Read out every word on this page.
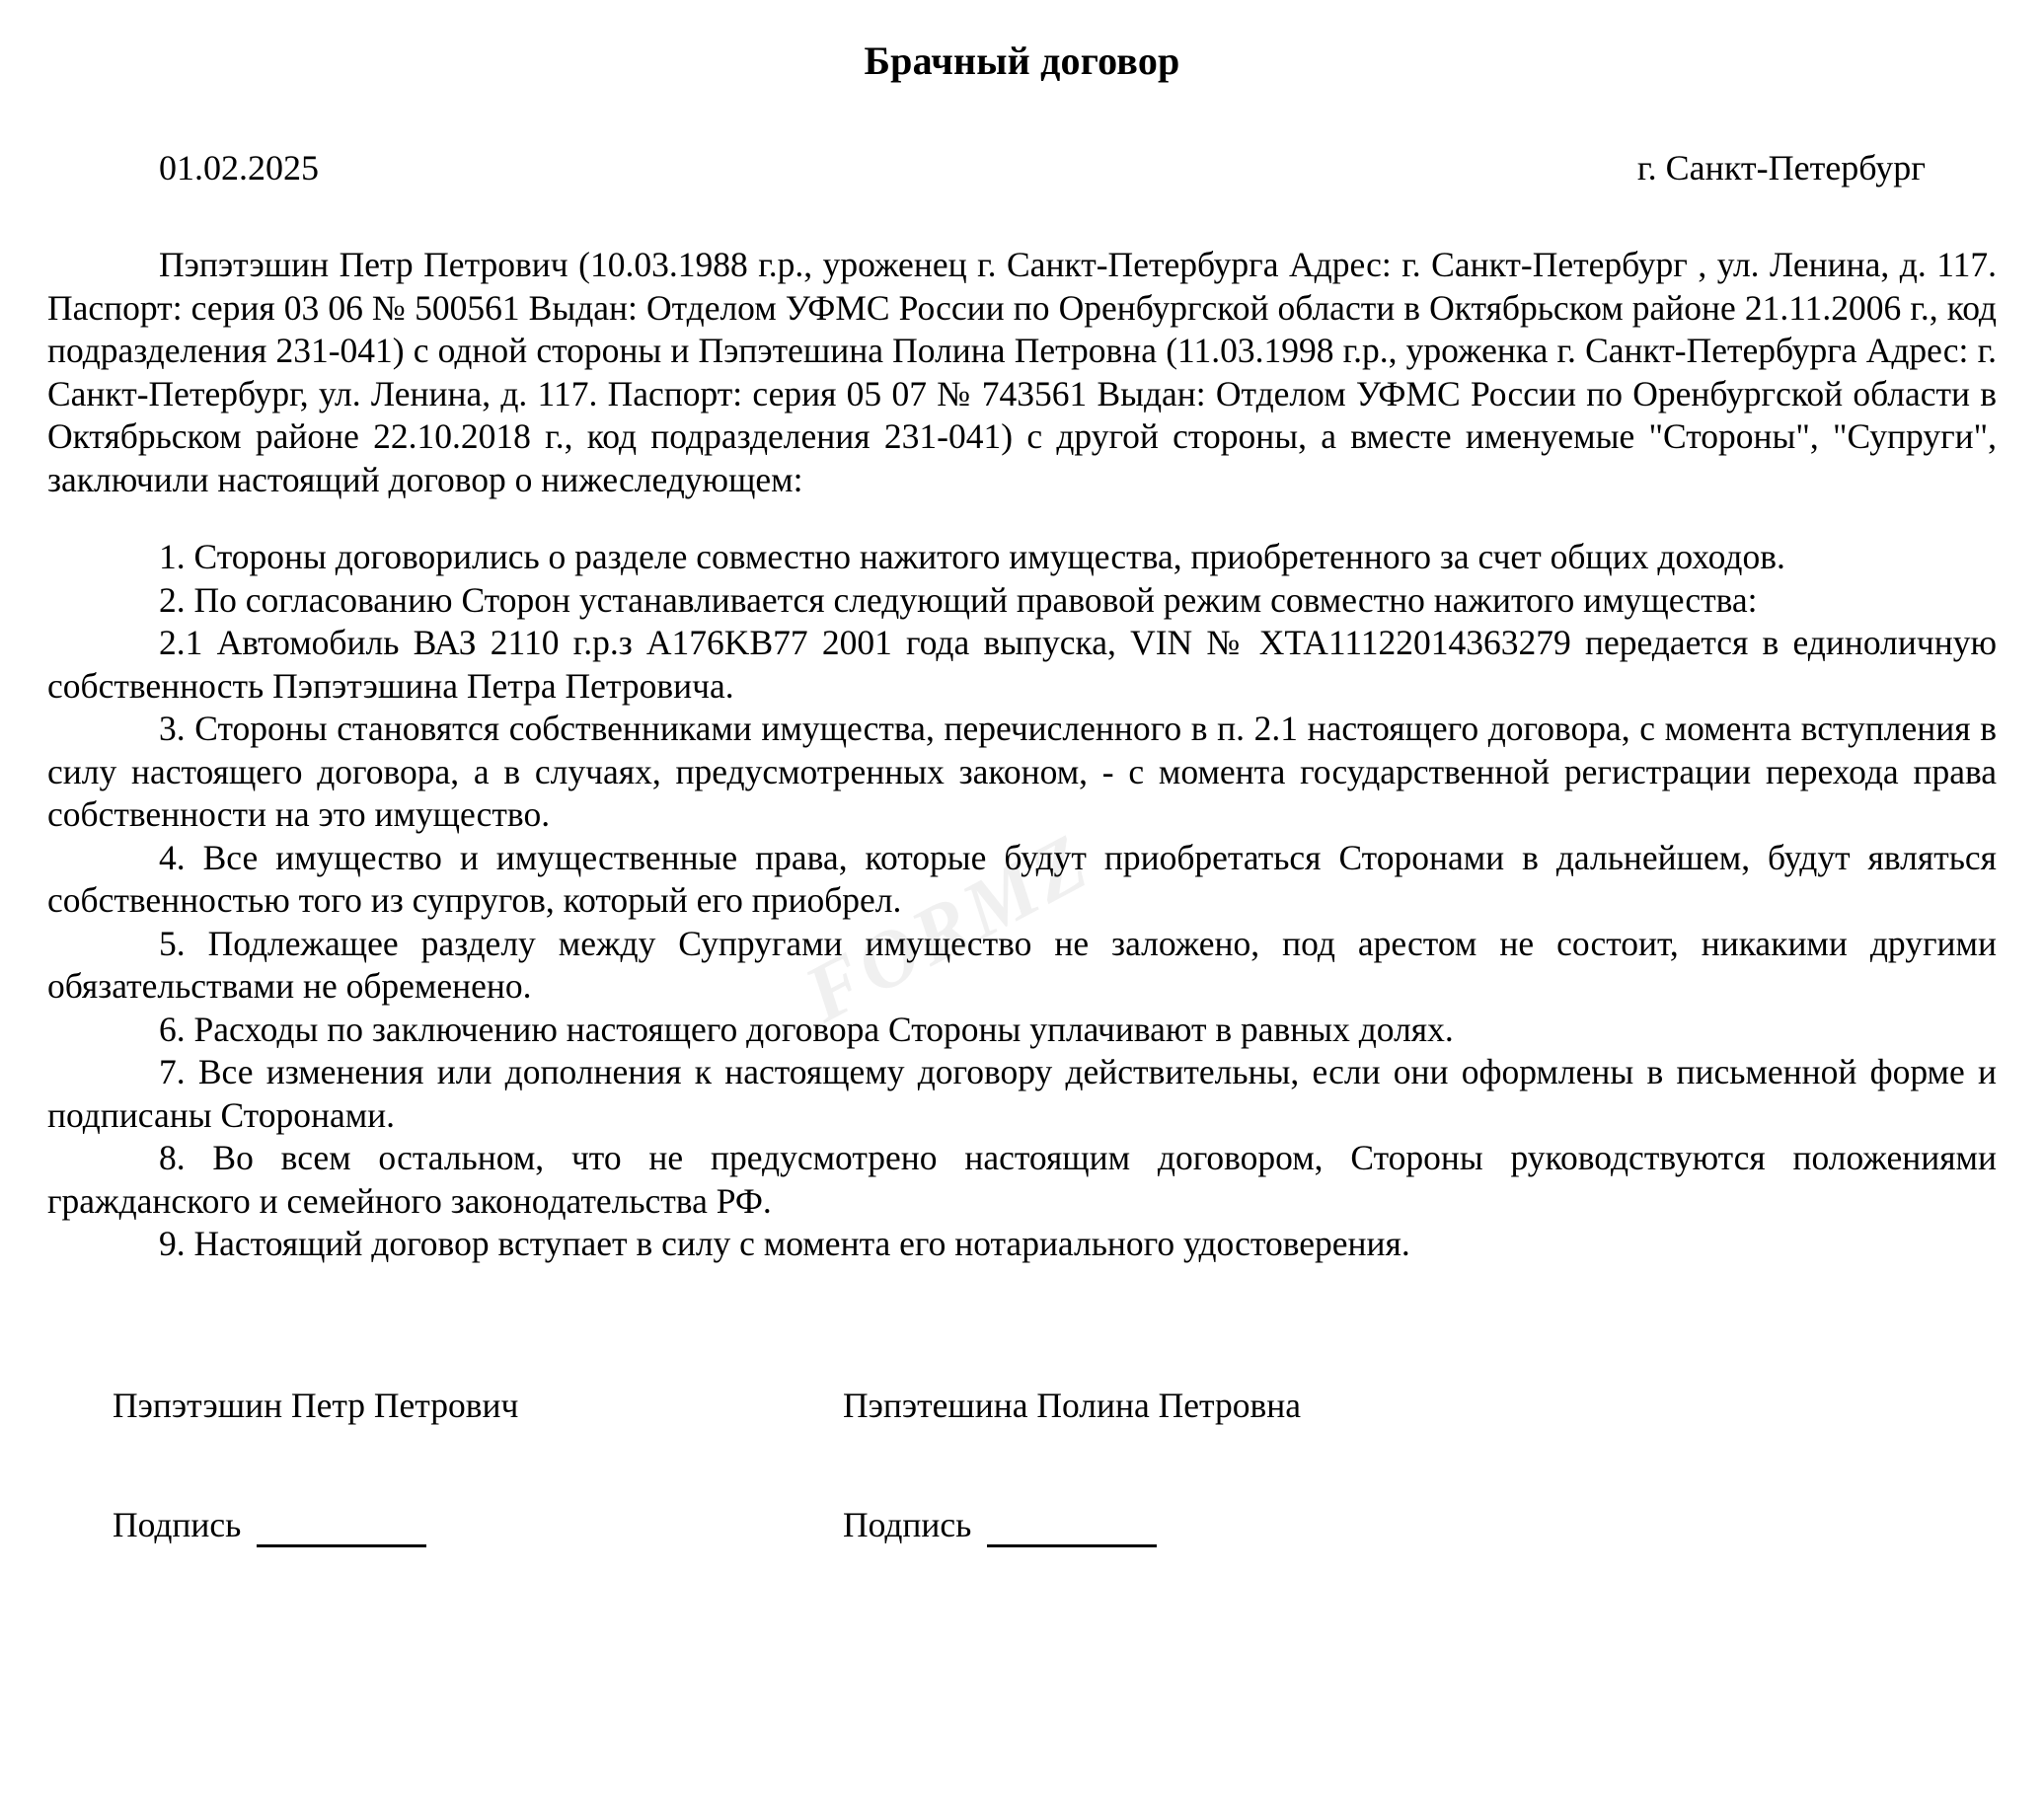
FORMZ
Брачный договор
01.02.2025	г. Санкт-Петербург

Пэпэтэшин Петр Петрович (10.03.1988 г.р., уроженец г. Санкт-Петербурга Адрес: г. Санкт-Петербург , ул. Ленина, д. 117. Паспорт: серия 03 06 № 500561 Выдан: Отделом УФМС России по Оренбургской области в Октябрьском районе 21.11.2006 г., код подразделения 231-041) с одной стороны и Пэпэтешина Полина Петровна (11.03.1998 г.р., уроженка г. Санкт-Петербурга Адрес: г. Санкт-Петербург, ул. Ленина, д. 117. Паспорт: серия 05 07 № 743561 Выдан: Отделом УФМС России по Оренбургской области в Октябрьском районе 22.10.2018 г., код подразделения 231-041) с другой стороны, а вместе именуемые "Стороны", "Супруги", заключили настоящий договор о нижеследующем:

1. Стороны договорились о разделе совместно нажитого имущества, приобретенного за счет общих доходов.

2. По согласованию Сторон устанавливается следующий правовой режим совместно нажитого имущества:

2.1 Автомобиль ВАЗ 2110 г.р.з A176KB77 2001 года выпуска, VIN № XTA11122014363279 передается в единоличную собственность Пэпэтэшина Петра Петровича.

3. Стороны становятся собственниками имущества, перечисленного в п. 2.1 настоящего договора, с момента вступления в силу настоящего договора, а в случаях, предусмотренных законом, - с момента государственной регистрации перехода права собственности на это имущество.

4. Все имущество и имущественные права, которые будут приобретаться Сторонами в дальнейшем, будут являться собственностью того из супругов, который его приобрел.

5. Подлежащее разделу между Супругами имущество не заложено, под арестом не состоит, никакими другими обязательствами не обременено.

6. Расходы по заключению настоящего договора Стороны уплачивают в равных долях.

7. Все изменения или дополнения к настоящему договору действительны, если они оформлены в письменной форме и подписаны Сторонами.

8. Во всем остальном, что не предусмотрено настоящим договором, Стороны руководствуются положениями гражданского и семейного законодательства РФ.

9. Настоящий договор вступает в силу с момента его нотариального удостоверения.

Пэпэтэшин Петр Петрович
Подпись
Пэпэтешина Полина Петровна
Подпись
